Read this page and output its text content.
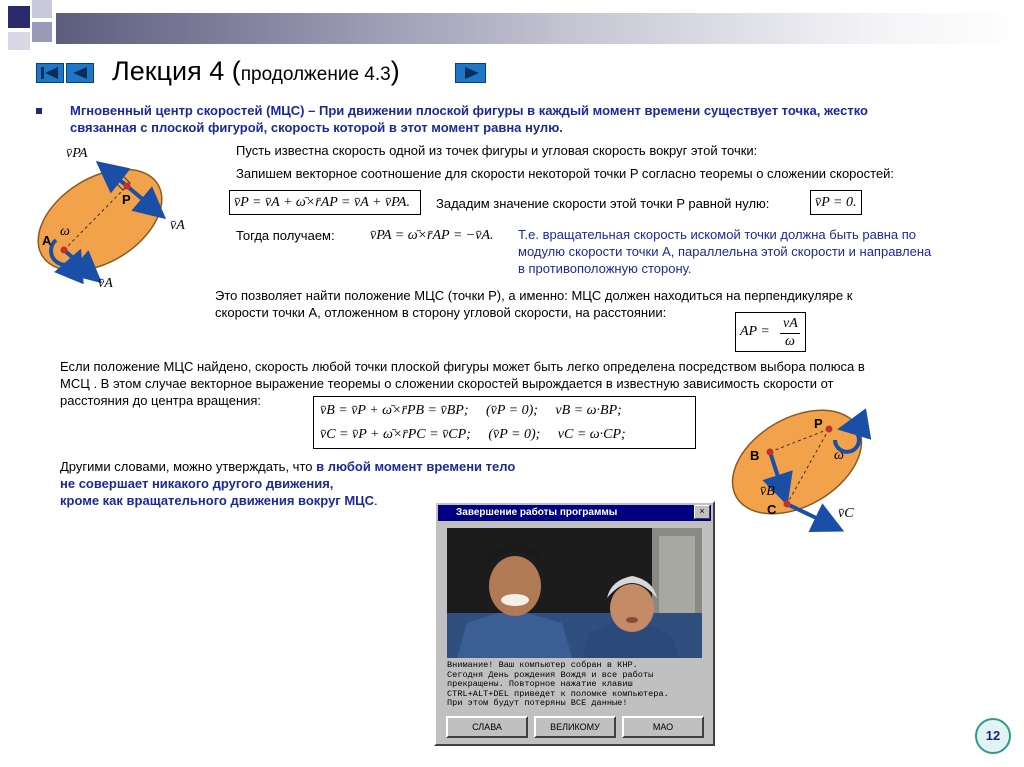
Лекция 4 (продолжение 4.3)
Мгновенный центр скоростей (МЦС) – При движении плоской фигуры в каждый момент времени существует точка, жестко
связанная с плоской фигурой, скорость которой в этот момент равна нулю.
v̄PA
P
v̄A
ω
A
v̄A
Пусть известна скорость одной из точек фигуры и угловая скорость вокруг этой точки:
Запишем векторное соотношение для скорости некоторой точки P согласно теоремы о сложении скоростей:
v̄P = v̄A + ω̄×r̄AP = v̄A + v̄PA. Зададим значение скорости этой точки P равной нулю:	v̄P = 0.
Тогда получаем:	v̄PA = ω̄×r̄AP = −v̄A. Т.е. вращательная скорость искомой точки должна быть равна по
модулю скорости точки А, параллельна этой скорости и направлена
в противоположную сторону.
Это позволяет найти положение МЦС (точки P), а именно: МЦС должен находиться на перпендикуляре к
скорости точки A, отложенном в сторону угловой скорости, на расстоянии:
AP =
vA
ω
Если положение МЦС найдено, скорость любой точки плоской фигуры может быть легко определена посредством выбора полюса в
МСЦ . В этом случае векторное выражение теоремы о сложении скоростей вырождается в известную зависимость скорости от
расстояния до центра вращения:
v̄B = v̄P + ω̄×r̄PB = v̄BP;     (v̄P = 0);     vB = ω·BP;
v̄C = v̄P + ω̄×r̄PC = v̄CP;     (v̄P = 0);     vC = ω·CP;
Другими словами, можно утверждать, что в любой момент времени тело
не совершает никакого другого движения,
кроме как вращательного движения вокруг МЦС.
P
B	ω
v̄B
C	v̄C
Завершение работы программы	×
Внимание! Ваш компьютер собран в КНР.
Сегодня День рождения Вождя и все работы
прекращены. Повторное нажатие клавиш
CTRL+ALT+DEL приведет к поломке компьютера.
При этом будут потеряны ВСЕ данные!
СЛАВА	ВЕЛИКОМУ	МАО
12
